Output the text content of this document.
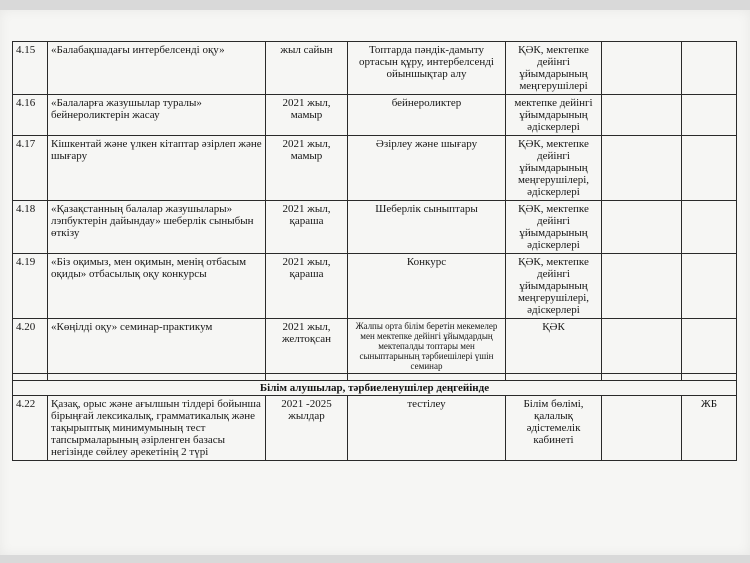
4.15	«Балабақшадағы интербелсенді оқу»	жыл сайын	Топтарда пәндік-дамыту ортасын құру, интербелсенді ойыншықтар алу	ҚӘК, мектепке дейінгі ұйымдарының меңгерушілері		
4.16	«Балаларға жазушылар туралы» бейнероликтерін жасау	2021 жыл, мамыр	бейнероликтер	мектепке дейінгі ұйымдарының әдіскерлері		
4.17	Кішкентай және үлкен кітаптар әзірлеп және шығару	2021 жыл, мамыр	Әзірлеу және шығару	ҚӘК, мектепке дейінгі ұйымдарының меңгерушілері, әдіскерлері		
4.18	«Қазақстанның балалар жазушылары» лэпбуктерін дайындау» шеберлік сыныбын өткізу	2021 жыл, қараша	Шеберлік сыныптары	ҚӘК, мектепке дейінгі ұйымдарының әдіскерлері		
4.19	«Біз оқимыз, мен оқимын, менің отбасым оқиды» отбасылық оқу конкурсы	2021 жыл, қараша	Конкурс	ҚӘК, мектепке дейінгі ұйымдарының меңгерушілері, әдіскерлері		
4.20	«Көңілді оқу» семинар-практикум	2021 жыл, желтоқсан	Жалпы орта білім беретін мекемелер мен мектепке дейінгі ұйымдардың мектепалды топтары мен сыныптарының тәрбиешілері үшін семинар	ҚӘК		

Білім алушылар, тәрбиеленушілер деңгейінде						
4.22	Қазақ, орыс және ағылшын тілдері бойынша бірыңғай лексикалық, грамматикалық және тақырыптық минимумының тест тапсырмаларының әзірленген базасы негізінде сөйлеу әрекетінің 2 түрі	2021 -2025 жылдар	тестілеу	Білім бөлімі, қалалық әдістемелік кабинеті		ЖБ
